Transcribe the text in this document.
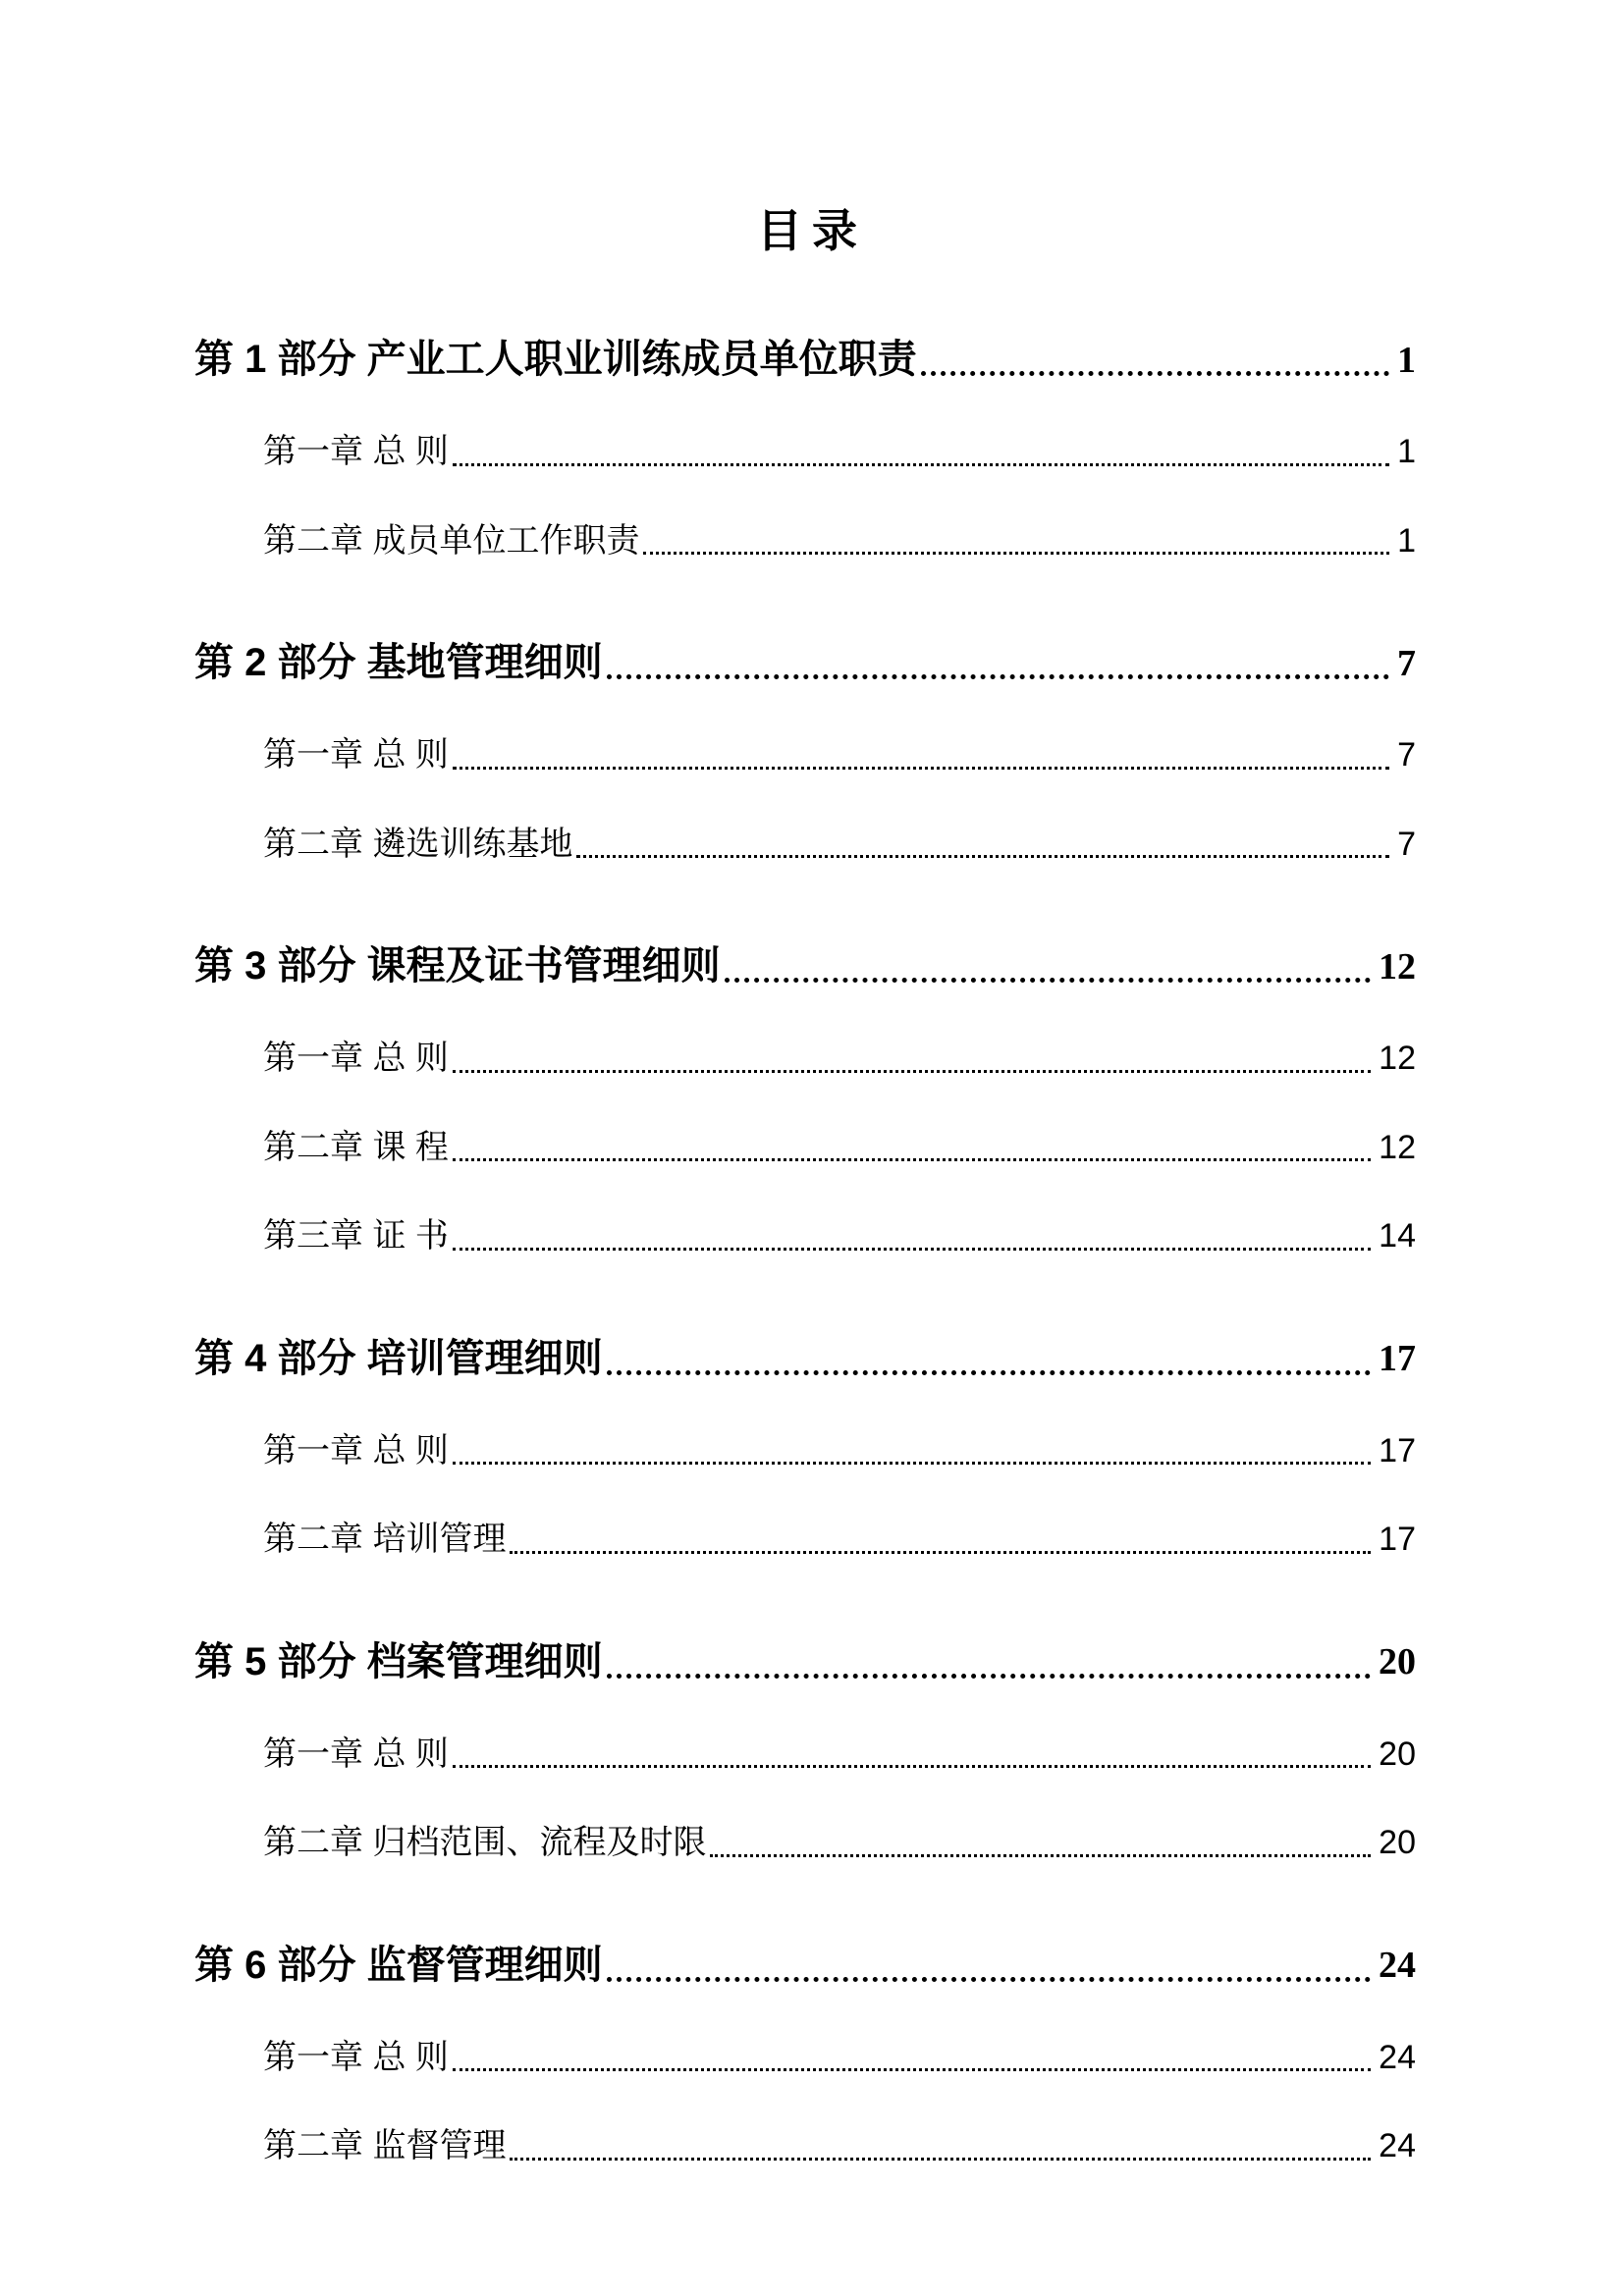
目录
第 1 部分 产业工人职业训练成员单位职责	1
第一章 总 则	1
第二章 成员单位工作职责	1
第 2 部分 基地管理细则	7
第一章 总 则	7
第二章 遴选训练基地	7
第 3 部分 课程及证书管理细则	12
第一章 总 则	12
第二章 课 程	12
第三章 证 书	14
第 4 部分 培训管理细则	17
第一章 总 则	17
第二章 培训管理	17
第 5 部分 档案管理细则	20
第一章 总 则	20
第二章 归档范围、流程及时限	20
第 6 部分 监督管理细则	24
第一章 总 则	24
第二章 监督管理	24
